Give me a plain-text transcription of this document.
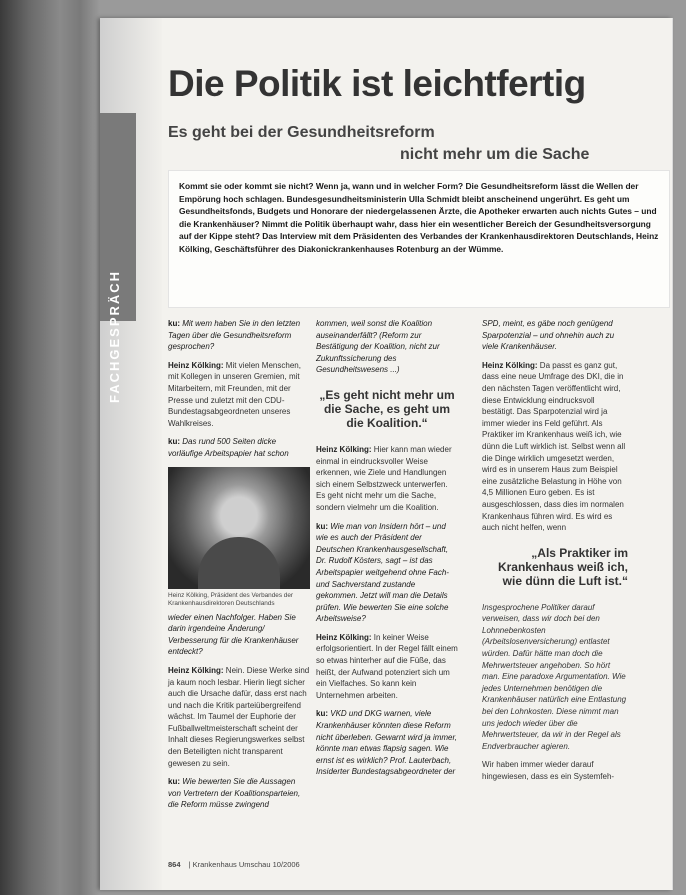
FACHGESPRÄCH
Die Politik ist leichtfertig
Es geht bei der Gesundheitsreform
nicht mehr um die Sache

Kommt sie oder kommt sie nicht? Wenn ja, wann und in welcher Form? Die Gesundheitsreform lässt die Wellen der Empörung hoch schlagen. Bundesgesundheitsministerin Ulla Schmidt bleibt anscheinend ungerührt. Es geht um Gesundheitsfonds, Budgets und Honorare der niedergelassenen Ärzte, die Apotheker erwarten auch nichts Gutes – und die Krankenhäuser? Nimmt die Politik überhaupt wahr, dass hier ein wesentlicher Bereich der Gesundheitsversorgung auf der Kippe steht? Das Interview mit dem Präsidenten des Verbandes der Krankenhausdirektoren Deutschlands, Heinz Kölking, Geschäftsführer des Diakonickrankenhauses Rotenburg an der Wümme.

ku: Mit wem haben Sie in den letzten Tagen über die Gesundheitsreform gesprochen?

Heinz Kölking: Mit vielen Menschen, mit Kollegen in unseren Gremien, mit Mitarbeitern, mit Freunden, mit der Presse und zuletzt mit den CDU-Bundestagsabgeordneten unseres Wahlkreises.

ku: Das rund 500 Seiten dicke vorläufige Arbeitspapier hat schon

Heinz Kölking, Präsident des Verbandes der Krankenhausdirektoren Deutschlands

wieder einen Nachfolger. Haben Sie darin irgendeine Änderung/ Verbesserung für die Krankenhäuser entdeckt?

Heinz Kölking: Nein. Diese Werke sind ja kaum noch lesbar. Hierin liegt sicher auch die Ursache dafür, dass erst nach und nach die Kritik parteiübergreifend wächst. Im Taumel der Euphorie der Fußballweltmeisterschaft scheint der Inhalt dieses Regierungswerkes selbst den Beteiligten nicht transparent gewesen zu sein.

ku: Wie bewerten Sie die Aussagen von Vertretern der Koalitionsparteien, die Reform müsse zwingend

kommen, weil sonst die Koalition auseinanderfällt? (Reform zur Bestätigung der Koalition, nicht zur Zukunftssicherung des Gesundheitswesens ...)

„Es geht nicht mehr um die Sache, es geht um die Koalition.“

Heinz Kölking: Hier kann man wieder einmal in eindrucksvoller Weise erkennen, wie Ziele und Handlungen sich einem Selbstzweck unterwerfen. Es geht nicht mehr um die Sache, sondern vielmehr um die Koalition.

ku: Wie man von Insidern hört – und wie es auch der Präsident der Deutschen Krankenhausgesellschaft, Dr. Rudolf Kösters, sagt – ist das Arbeitspapier weitgehend ohne Fach- und Sachverstand zustande gekommen. Jetzt will man die Details prüfen. Wie bewerten Sie eine solche Arbeitsweise?

Heinz Kölking: In keiner Weise erfolgsorientiert. In der Regel fällt einem so etwas hinterher auf die Füße, das heißt, der Aufwand potenziert sich um ein Vielfaches. So kann kein Unternehmen arbeiten.

ku: VKD und DKG warnen, viele Krankenhäuser könnten diese Reform nicht überleben. Gewarnt wird ja immer, könnte man etwas flapsig sagen. Wie ernst ist es wirklich? Prof. Lauterbach, Insiderter Bundestagsabgeordneter der

SPD, meint, es gäbe noch genügend Sparpotenzial – und ohnehin auch zu viele Krankenhäuser.

Heinz Kölking: Da passt es ganz gut, dass eine neue Umfrage des DKI, die in den nächsten Tagen veröffentlicht wird, diese Entwicklung eindrucksvoll bestätigt. Das Sparpotenzial wird ja immer wieder ins Feld geführt. Als Praktiker im Krankenhaus weiß ich, wie dünn die Luft wirklich ist. Selbst wenn all die Dinge wirklich umgesetzt werden, wird es in unserem Haus zum Beispiel eine zusätzliche Belastung in Höhe von 4,5 Millionen Euro geben. Es ist ausgeschlossen, dass dies im normalen Krankenhaus führen wird. Es wird es auch nicht helfen, wenn

„Als Praktiker im Krankenhaus weiß ich, wie dünn die Luft ist.“

Insgesprochene Politiker darauf verweisen, dass wir doch bei den Lohnnebenkosten (Arbeitslosenversicherung) entlastet würden. Dafür hätte man doch die Mehrwertsteuer angehoben. So hört man. Eine paradoxe Argumentation. Wie jedes Unternehmen benötigen die Krankenhäuser natürlich eine Entlastung bei den Lohnkosten. Diese nimmt man uns jedoch wieder über die Mehrwertsteuer, da wir in der Regel als Endverbraucher agieren.

Wir haben immer wieder darauf hingewiesen, dass es ein Systemfeh-

864 | Krankenhaus Umschau 10/2006
